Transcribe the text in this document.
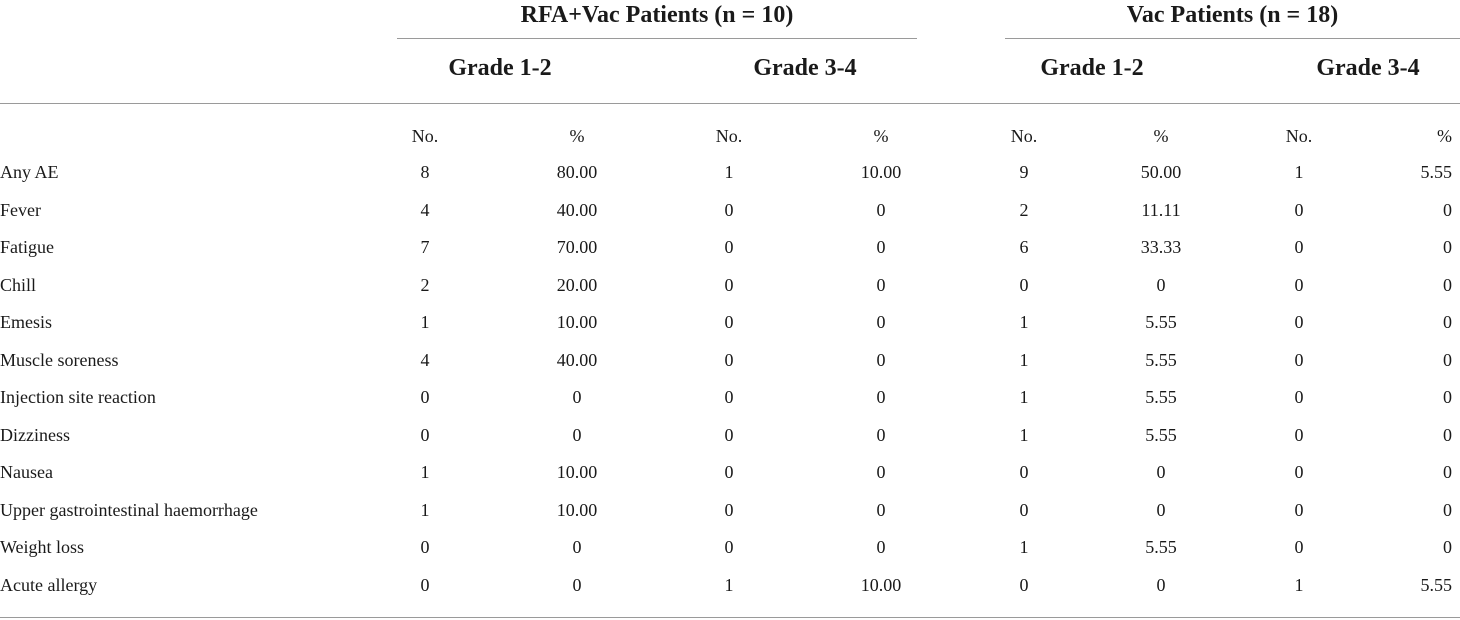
RFA+Vac Patients (n = 10)	Vac Patients (n = 18)
Grade 1-2	Grade 3-4	Grade 1-2	Grade 3-4
No.	%	No.	%	No.	%	No.	%
Any AE	8	80.00	1	10.00	9	50.00	1	5.55
Fever	4	40.00	0	0	2	11.11	0	0
Fatigue	7	70.00	0	0	6	33.33	0	0
Chill	2	20.00	0	0	0	0	0	0
Emesis	1	10.00	0	0	1	5.55	0	0
Muscle soreness	4	40.00	0	0	1	5.55	0	0
Injection site reaction	0	0	0	0	1	5.55	0	0
Dizziness	0	0	0	0	1	5.55	0	0
Nausea	1	10.00	0	0	0	0	0	0
Upper gastrointestinal haemorrhage	1	10.00	0	0	0	0	0	0
Weight loss	0	0	0	0	1	5.55	0	0
Acute allergy	0	0	1	10.00	0	0	1	5.55
